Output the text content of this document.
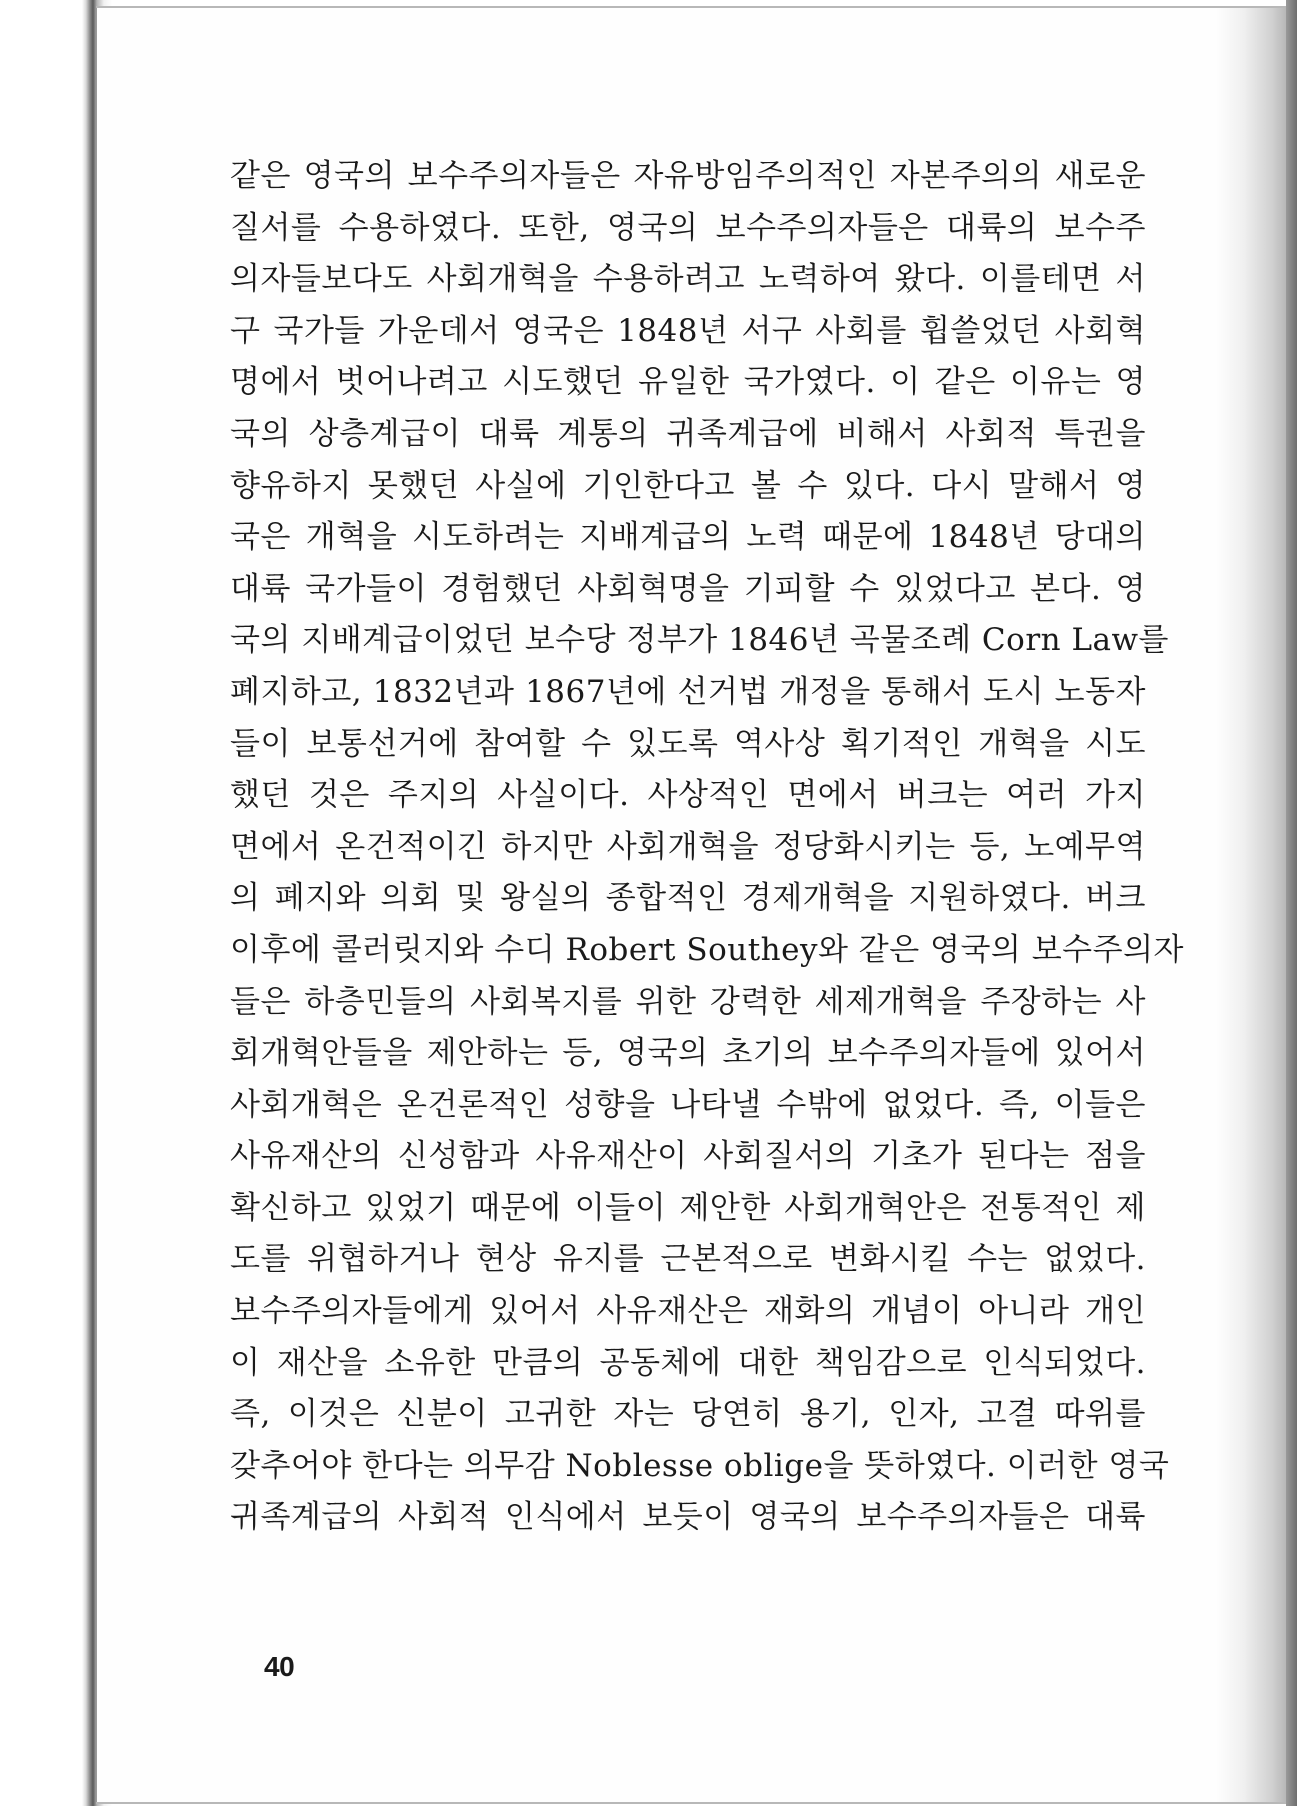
같은 영국의 보수주의자들은 자유방임주의적인 자본주의의 새로운
질서를 수용하였다. 또한, 영국의 보수주의자들은 대륙의 보수주
의자들보다도 사회개혁을 수용하려고 노력하여 왔다. 이를테면 서
구 국가들 가운데서 영국은 1848년 서구 사회를 휩쓸었던 사회혁
명에서 벗어나려고 시도했던 유일한 국가였다. 이 같은 이유는 영
국의 상층계급이 대륙 계통의 귀족계급에 비해서 사회적 특권을
향유하지 못했던 사실에 기인한다고 볼 수 있다. 다시 말해서 영
국은 개혁을 시도하려는 지배계급의 노력 때문에 1848년 당대의
대륙 국가들이 경험했던 사회혁명을 기피할 수 있었다고 본다. 영
국의 지배계급이었던 보수당 정부가 1846년 곡물조례 Corn Law를
폐지하고, 1832년과 1867년에 선거법 개정을 통해서 도시 노동자
들이 보통선거에 참여할 수 있도록 역사상 획기적인 개혁을 시도
했던 것은 주지의 사실이다. 사상적인 면에서 버크는 여러 가지
면에서 온건적이긴 하지만 사회개혁을 정당화시키는 등, 노예무역
의 폐지와 의회 및 왕실의 종합적인 경제개혁을 지원하였다. 버크
이후에 콜러릿지와 수디 Robert Southey와 같은 영국의 보수주의자
들은 하층민들의 사회복지를 위한 강력한 세제개혁을 주장하는 사
회개혁안들을 제안하는 등, 영국의 초기의 보수주의자들에 있어서
사회개혁은 온건론적인 성향을 나타낼 수밖에 없었다. 즉, 이들은
사유재산의 신성함과 사유재산이 사회질서의 기초가 된다는 점을
확신하고 있었기 때문에 이들이 제안한 사회개혁안은 전통적인 제
도를 위협하거나 현상 유지를 근본적으로 변화시킬 수는 없었다.
보수주의자들에게 있어서 사유재산은 재화의 개념이 아니라 개인
이 재산을 소유한 만큼의 공동체에 대한 책임감으로 인식되었다.
즉, 이것은 신분이 고귀한 자는 당연히 용기, 인자, 고결 따위를
갖추어야 한다는 의무감 Noblesse oblige을 뜻하였다. 이러한 영국
귀족계급의 사회적 인식에서 보듯이 영국의 보수주의자들은 대륙
40
